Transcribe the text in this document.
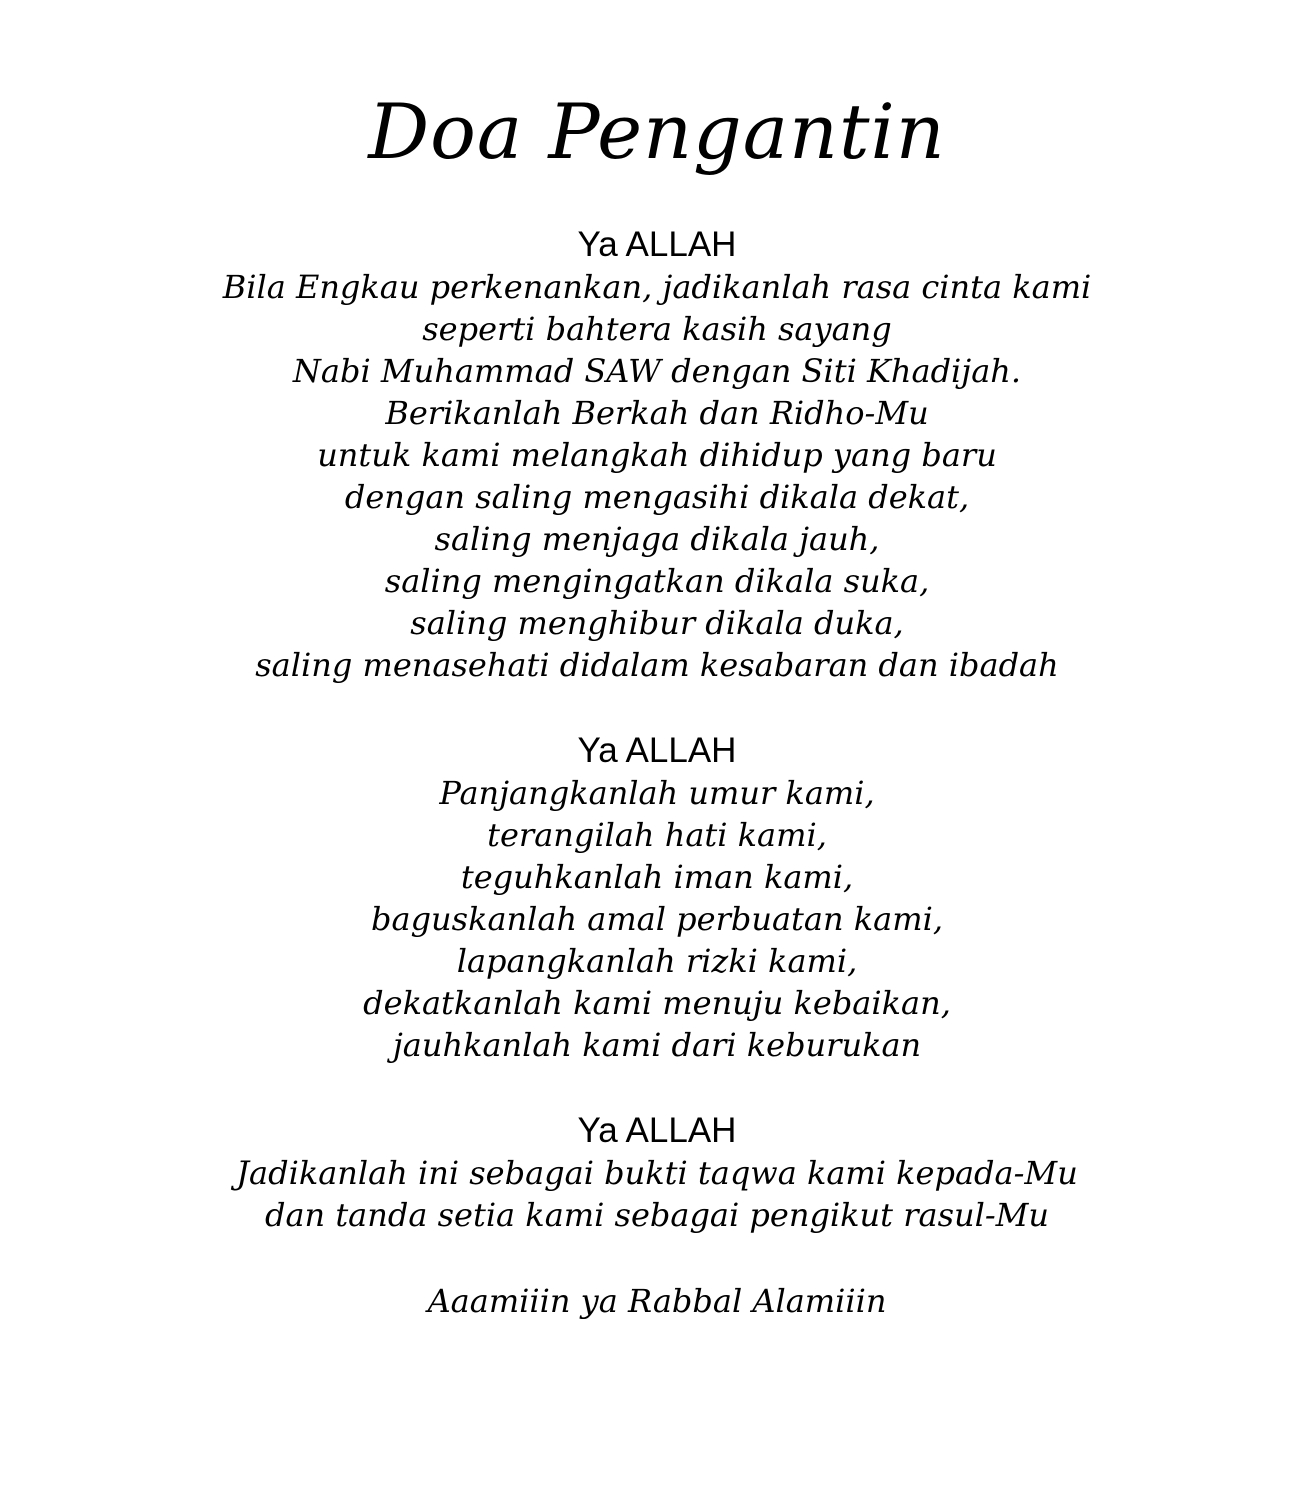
Doa Pengantin
Ya ALLAH
Bila Engkau perkenankan, jadikanlah rasa cinta kami
seperti bahtera kasih sayang
Nabi Muhammad SAW dengan Siti Khadijah.
Berikanlah Berkah dan Ridho-Mu
untuk kami melangkah dihidup yang baru
dengan saling mengasihi dikala dekat,
saling menjaga dikala jauh,
saling mengingatkan dikala suka,
saling menghibur dikala duka,
saling menasehati didalam kesabaran dan ibadah
Ya ALLAH
Panjangkanlah umur kami,
terangilah hati kami,
teguhkanlah iman kami,
baguskanlah amal perbuatan kami,
lapangkanlah rizki kami,
dekatkanlah kami menuju kebaikan,
jauhkanlah kami dari keburukan
Ya ALLAH
Jadikanlah ini sebagai bukti taqwa kami kepada-Mu
dan tanda setia kami sebagai pengikut rasul-Mu
Aaamiiin ya Rabbal Alamiiin
